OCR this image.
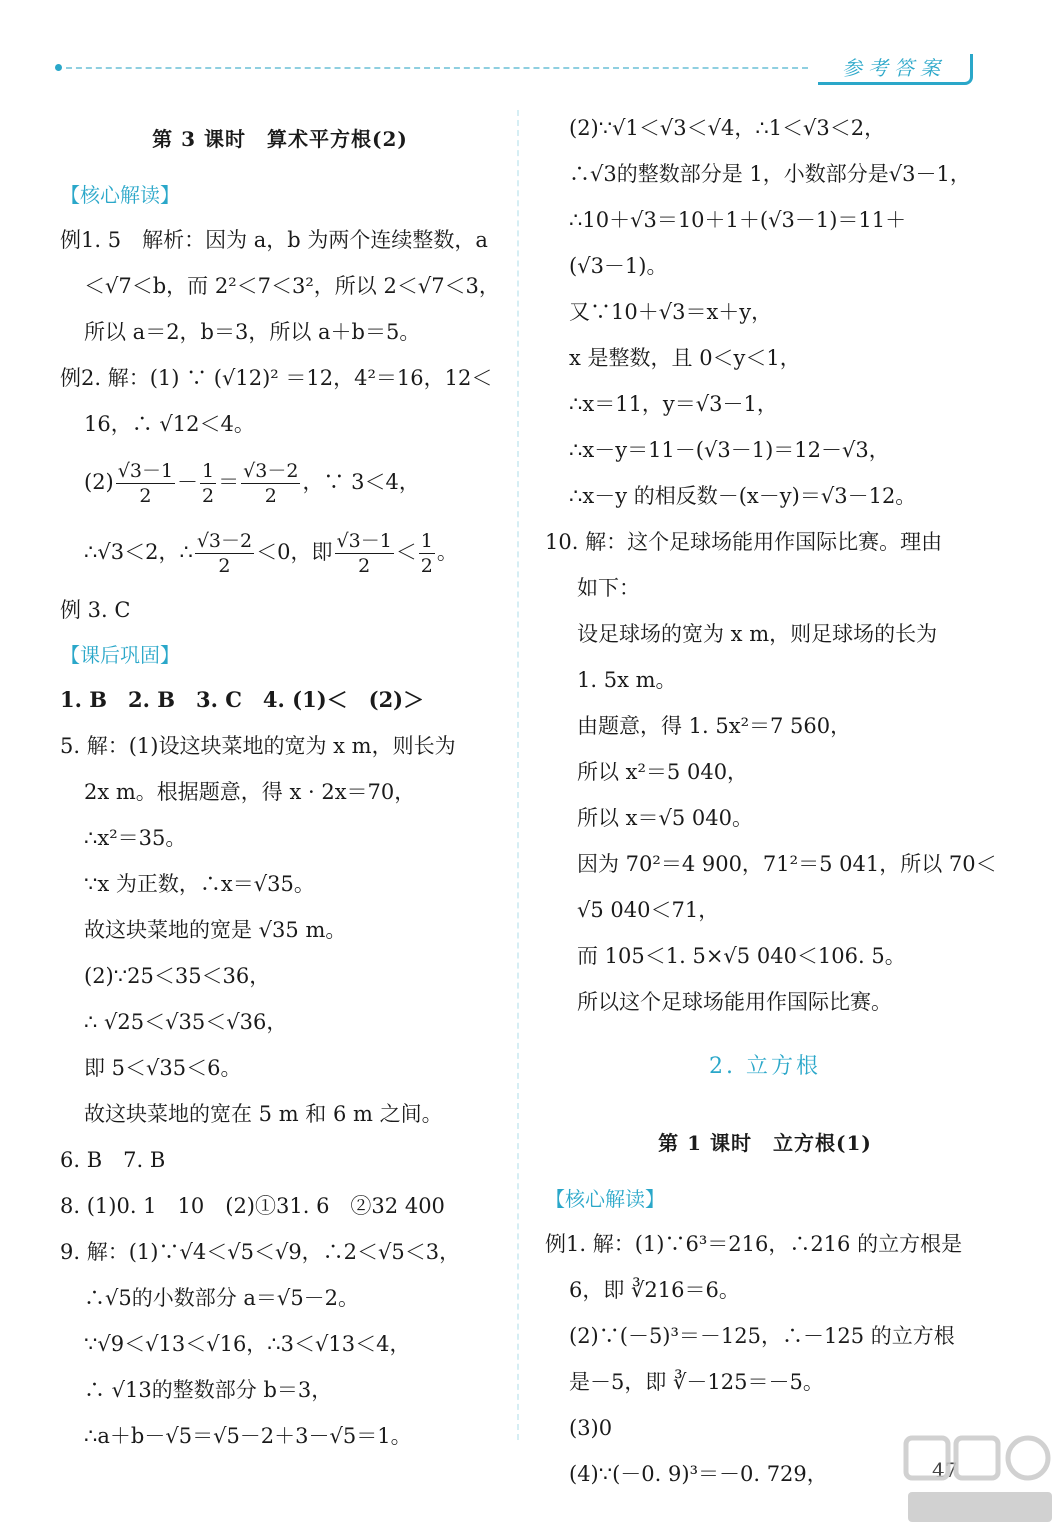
参考答案
第 3 课时　算术平方根(2)
【核心解读】
例1. 5　解析：因为 a，b 为两个连续整数，a
＜√7＜b，而 2²＜7＜3²，所以 2＜√7＜3，
所以 a＝2，b＝3，所以 a＋b＝5。
例2. 解：(1) ∵ (√12)² ＝12，4²＝16，12＜
16，∴ √12＜4。
$(2) \frac{√3-1}{2} - \frac{1}{2} = \frac{√3-2}{2}$ ，∵ 3＜4，
∴√3＜2，∴ $\frac{√3-2}{2} <0$，即 $\frac{√3-1}{2} < \frac{1}{2}$ 。
例 3. C
【课后巩固】
1. B　2. B　3. C　4. (1)＜　(2)＞
5. 解：(1)设这块菜地的宽为 x m，则长为
2x m。根据题意，得 x · 2x＝70，
∴x²＝35。
∵x 为正数，∴x＝√35。
故这块菜地的宽是 √35 m。
(2)∵25＜35＜36，
∴ √25＜√35＜√36，
即 5＜√35＜6。
故这块菜地的宽在 5 m 和 6 m 之间。
6. B　7. B
8. (1)0. 1　10　(2)①31. 6　②32 400
9. 解：(1)∵√4＜√5＜√9，∴2＜√5＜3，
∴√5的小数部分 a＝√5－2。
∵√9＜√13＜√16，∴3＜√13＜4，
∴ √13的整数部分 b＝3，
∴a＋b－√5＝√5－2＋3－√5＝1。
(2)∵√1＜√3＜√4，∴1＜√3＜2，
∴√3的整数部分是 1，小数部分是√3－1，
∴10＋√3＝10＋1＋(√3－1)＝11＋
(√3－1)。
又∵10＋√3＝x＋y，
x 是整数，且 0＜y＜1，
∴x＝11，y＝√3－1，
∴x－y＝11－(√3－1)＝12－√3，
∴x－y 的相反数－(x－y)＝√3－12。
10. 解：这个足球场能用作国际比赛。理由
如下：
设足球场的宽为 x m，则足球场的长为
1. 5x m。
由题意，得 1. 5x²＝7 560，
所以 x²＝5 040，
所以 x＝√5 040。
因为 70²＝4 900，71²＝5 041，所以 70＜
√5 040＜71，
而 105＜1. 5×√5 040＜106. 5。
所以这个足球场能用作国际比赛。
2. 立方根
第 1 课时　立方根(1)
【核心解读】
例1. 解：(1)∵6³＝216，∴216 的立方根是
6，即 ∛216＝6。
(2)∵(－5)³＝－125，∴－125 的立方根
是－5，即 ∛－125＝－5。
(3)0
(4)∵(－0. 9)³＝－0. 729，	47
